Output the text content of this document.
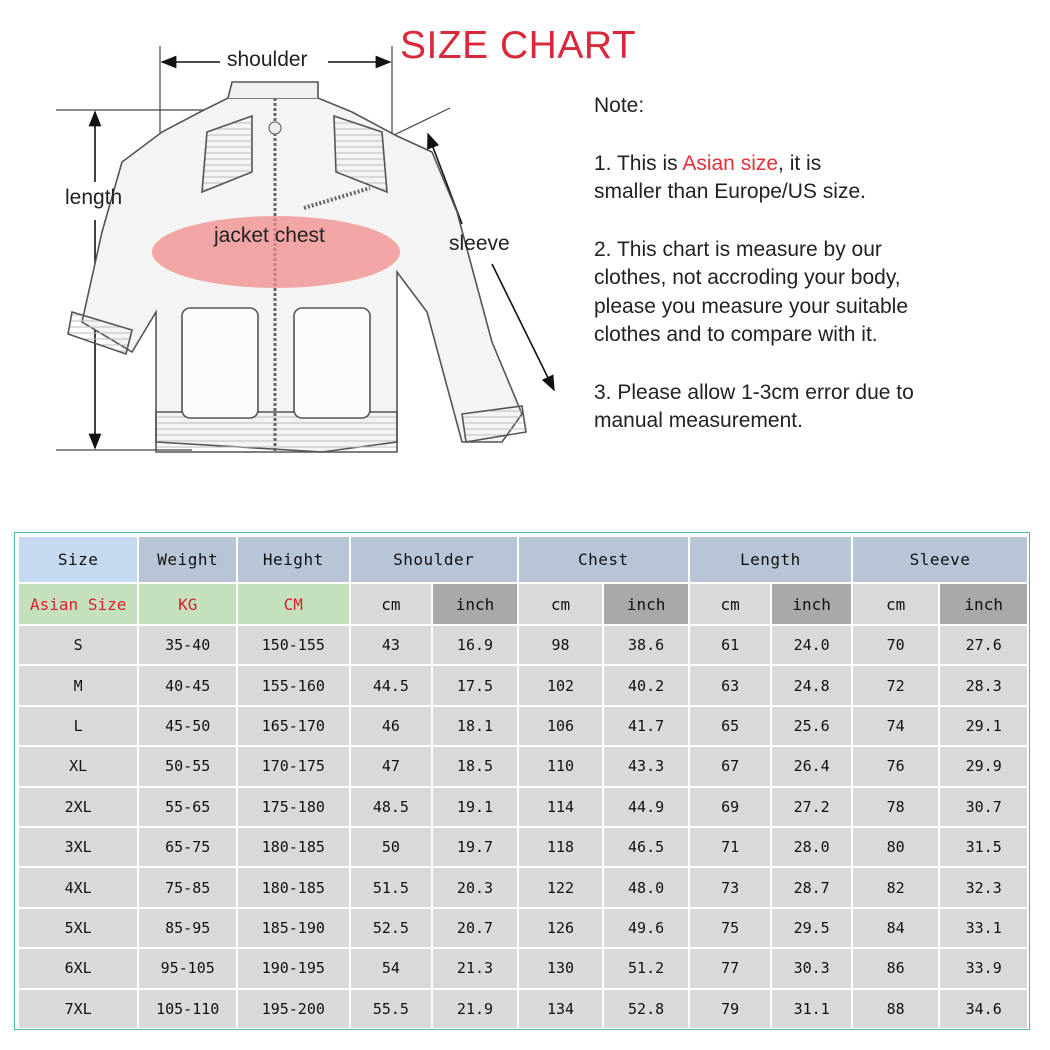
shoulder
length
jacket chest	sleeve
SIZE CHART

Note:

1. This is Asian size, it is

smaller than Europe/US size.

2. This chart is measure by our

clothes, not accroding your body,

please you measure your suitable

clothes and to compare with it.

3. Please allow 1-3cm error due to

manual measurement.

Size	Weight	Height	Shoulder		Chest		Length		Sleeve	
Asian Size	KG	CM	cm	inch	cm	inch	cm	inch	cm	inch
S	35-40	150-155	43	16.9	98	38.6	61	24.0	70	27.6
M	40-45	155-160	44.5	17.5	102	40.2	63	24.8	72	28.3
L	45-50	165-170	46	18.1	106	41.7	65	25.6	74	29.1
XL	50-55	170-175	47	18.5	110	43.3	67	26.4	76	29.9
2XL	55-65	175-180	48.5	19.1	114	44.9	69	27.2	78	30.7
3XL	65-75	180-185	50	19.7	118	46.5	71	28.0	80	31.5
4XL	75-85	180-185	51.5	20.3	122	48.0	73	28.7	82	32.3
5XL	85-95	185-190	52.5	20.7	126	49.6	75	29.5	84	33.1
6XL	95-105	190-195	54	21.3	130	51.2	77	30.3	86	33.9
7XL	105-110	195-200	55.5	21.9	134	52.8	79	31.1	88	34.6
